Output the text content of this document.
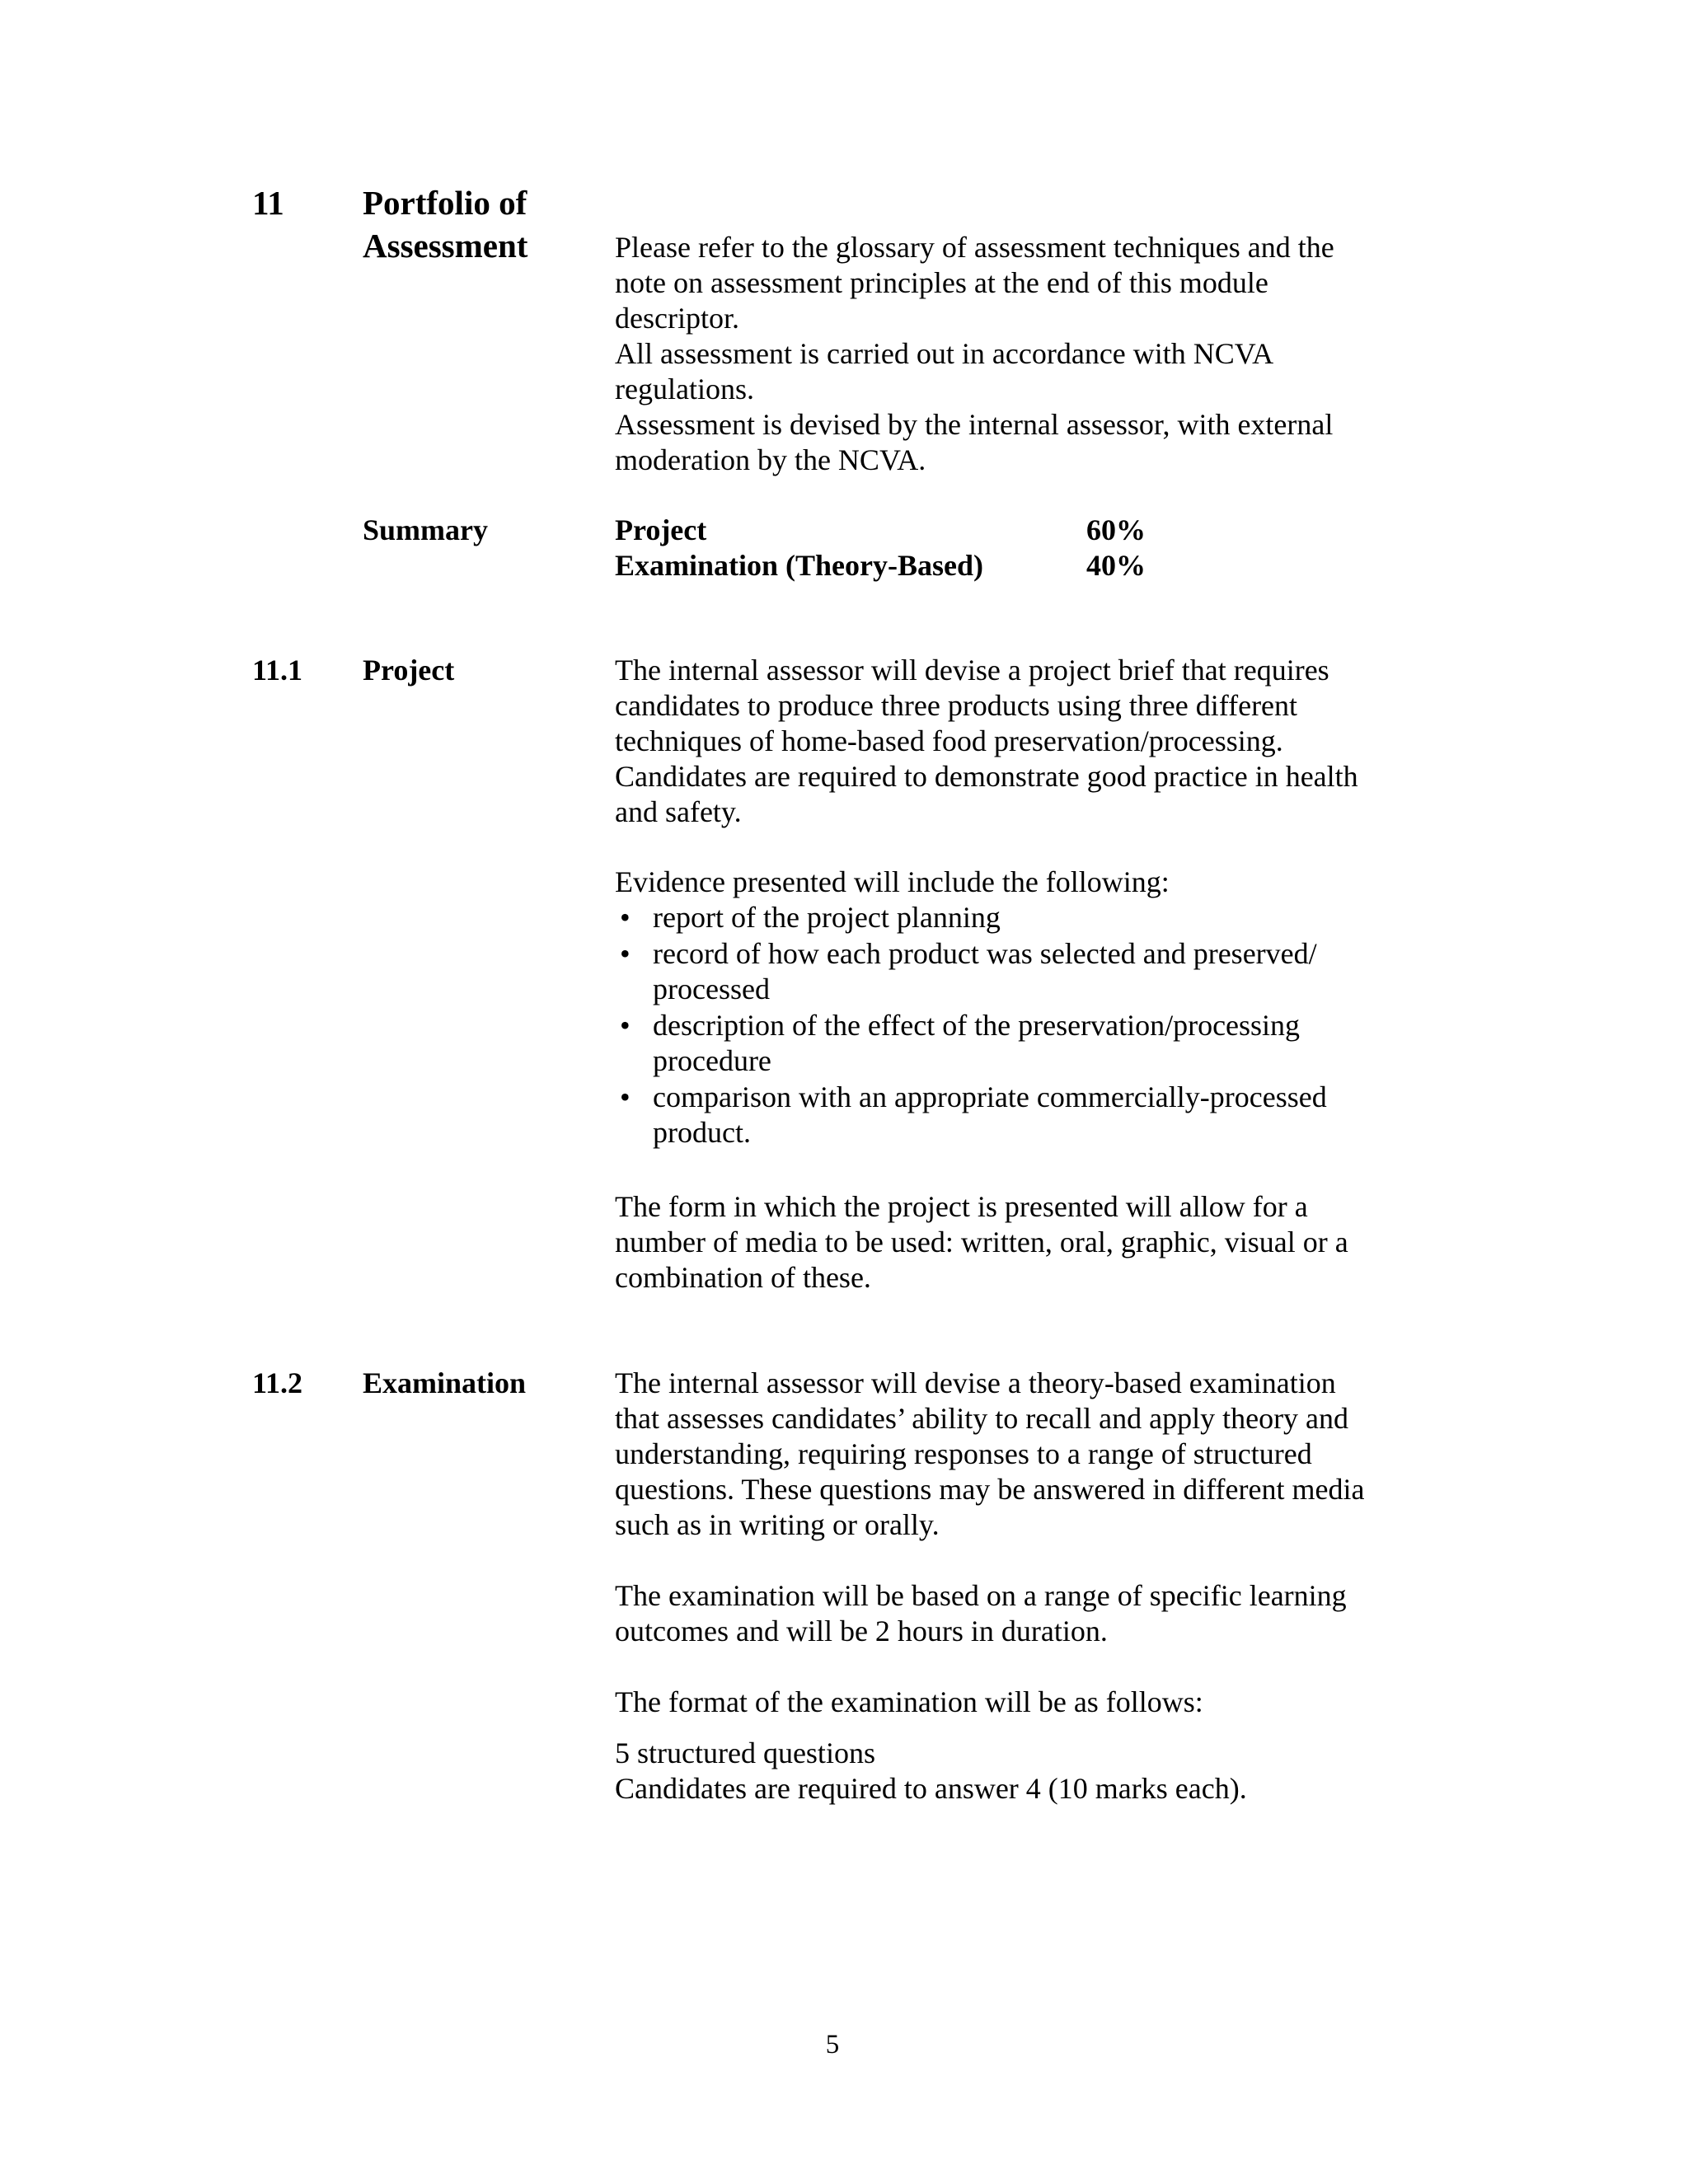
11 Portfolio of
Assessment	Please refer to the glossary of assessment techniques and the
note on assessment principles at the end of this module
descriptor.
All assessment is carried out in accordance with NCVA
regulations.
Assessment is devised by the internal assessor, with external
moderation by the NCVA.
Summary	Project	60%
Examination (Theory-Based)	40%
11.1 Project	The internal assessor will devise a project brief that requires
candidates to produce three products using three different
techniques of home-based food preservation/processing.
Candidates are required to demonstrate good practice in health
and safety.
Evidence presented will include the following:
• report of the project planning
• record of how each product was selected and preserved/
processed
• description of the effect of the preservation/processing
procedure
• comparison with an appropriate commercially-processed
product.
The form in which the project is presented will allow for a
number of media to be used: written, oral, graphic, visual or a
combination of these.
11.2 Examination	The internal assessor will devise a theory-based examination
that assesses candidates’ ability to recall and apply theory and
understanding, requiring responses to a range of structured
questions. These questions may be answered in different media
such as in writing or orally.
The examination will be based on a range of specific learning
outcomes and will be 2 hours in duration.
The format of the examination will be as follows:
5 structured questions
Candidates are required to answer 4 (10 marks each).
5
